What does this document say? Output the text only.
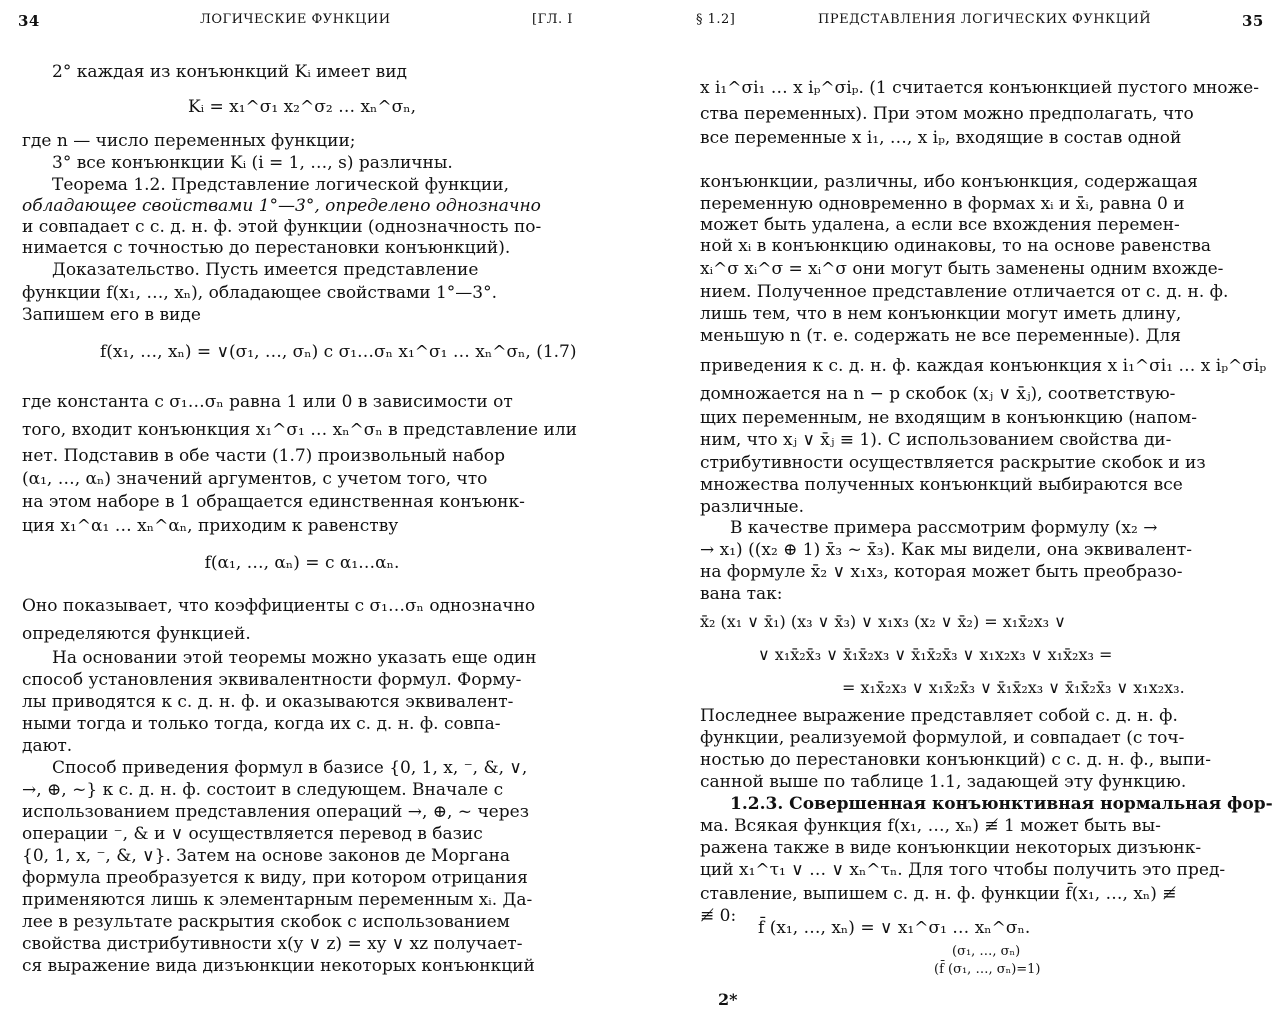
34	ЛОГИЧЕСКИЕ ФУНКЦИИ	[ГЛ. I
2° каждая из конъюнкций Kᵢ имеет вид
Kᵢ = x₁^σ₁ x₂^σ₂ … xₙ^σₙ,
где n — число переменных функции;
3° все конъюнкции Kᵢ (i = 1, …, s) различны.
Теорема 1.2. Представление логической функции,
обладающее свойствами 1°—3°, определено однозначно
и совпадает с с. д. н. ф. этой функции (однозначность по-
нимается с точностью до перестановки конъюнкций).
Доказательство. Пусть имеется представление
функции f(x₁, …, xₙ), обладающее свойствами 1°—3°.
Запишем его в виде
f(x₁, …, xₙ) = ∨(σ₁, …, σₙ) c σ₁…σₙ x₁^σ₁ … xₙ^σₙ, (1.7)
где константа c σ₁…σₙ равна 1 или 0 в зависимости от
того, входит конъюнкция x₁^σ₁ … xₙ^σₙ в представление или
нет. Подставив в обе части (1.7) произвольный набор
(α₁, …, αₙ) значений аргументов, с учетом того, что
на этом наборе в 1 обращается единственная конъюнк-
ция x₁^α₁ … xₙ^αₙ, приходим к равенству
f(α₁, …, αₙ) = c α₁…αₙ.
Оно показывает, что коэффициенты c σ₁…σₙ однозначно
определяются функцией.
На основании этой теоремы можно указать еще один
способ установления эквивалентности формул. Форму-
лы приводятся к с. д. н. ф. и оказываются эквивалент-
ными тогда и только тогда, когда их с. д. н. ф. совпа-
дают.
Способ приведения формул в базисе {0, 1, x, ⁻, &, ∨,
→, ⊕, ~} к с. д. н. ф. состоит в следующем. Вначале с
использованием представления операций →, ⊕, ~ через
операции ⁻, & и ∨ осуществляется перевод в базис
{0, 1, x, ⁻, &, ∨}. Затем на основе законов де Моргана
формула преобразуется к виду, при котором отрицания
применяются лишь к элементарным переменным xᵢ. Да-
лее в результате раскрытия скобок с использованием
свойства дистрибутивности x(y ∨ z) = xy ∨ xz получает-
ся выражение вида дизъюнкции некоторых конъюнкций
§ 1.2]	ПРЕДСТАВЛЕНИЯ ЛОГИЧЕСКИХ ФУНКЦИЙ	35
x i₁^σi₁ … x iₚ^σiₚ. (1 считается конъюнкцией пустого множе-
ства переменных). При этом можно предполагать, что
все переменные x i₁, …, x iₚ, входящие в состав одной
конъюнкции, различны, ибо конъюнкция, содержащая
переменную одновременно в формах xᵢ и x̄ᵢ, равна 0 и
может быть удалена, а если все вхождения перемен-
ной xᵢ в конъюнкцию одинаковы, то на основе равенства
xᵢ^σ xᵢ^σ = xᵢ^σ они могут быть заменены одним вхожде-
нием. Полученное представление отличается от с. д. н. ф.
лишь тем, что в нем конъюнкции могут иметь длину,
меньшую n (т. е. содержать не все переменные). Для
приведения к с. д. н. ф. каждая конъюнкция x i₁^σi₁ … x iₚ^σiₚ
домножается на n − p скобок (xⱼ ∨ x̄ⱼ), соответствую-
щих переменным, не входящим в конъюнкцию (напом-
ним, что xⱼ ∨ x̄ⱼ ≡ 1). С использованием свойства ди-
стрибутивности осуществляется раскрытие скобок и из
множества полученных конъюнкций выбираются все
различные.
В качестве примера рассмотрим формулу (x₂ →
→ x₁) ((x₂ ⊕ 1) x̄₃ ~ x̄₃). Как мы видели, она эквивалент-
на формуле x̄₂ ∨ x₁x₃, которая может быть преобразо-
вана так:
x̄₂ (x₁ ∨ x̄₁) (x₃ ∨ x̄₃) ∨ x₁x₃ (x₂ ∨ x̄₂) = x₁x̄₂x₃ ∨
∨ x₁x̄₂x̄₃ ∨ x̄₁x̄₂x₃ ∨ x̄₁x̄₂x̄₃ ∨ x₁x₂x₃ ∨ x₁x̄₂x₃ =
= x₁x̄₂x₃ ∨ x₁x̄₂x̄₃ ∨ x̄₁x̄₂x₃ ∨ x̄₁x̄₂x̄₃ ∨ x₁x₂x₃.
Последнее выражение представляет собой с. д. н. ф.
функции, реализуемой формулой, и совпадает (с точ-
ностью до перестановки конъюнкций) с с. д. н. ф., выпи-
санной выше по таблице 1.1, задающей эту функцию.
1.2.3. Совершенная конъюнктивная нормальная фор-
ма. Всякая функция f(x₁, …, xₙ) ≢ 1 может быть вы-
ражена также в виде конъюнкции некоторых дизъюнк-
ций x₁^τ₁ ∨ … ∨ xₙ^τₙ. Для того чтобы получить это пред-
ставление, выпишем с. д. н. ф. функции f̄(x₁, …, xₙ) ≢
≢ 0:
f̄ (x₁, …, xₙ) = ∨ x₁^σ₁ … xₙ^σₙ.
(σ₁, …, σₙ)
(f̄ (σ₁, …, σₙ)=1)
2*
